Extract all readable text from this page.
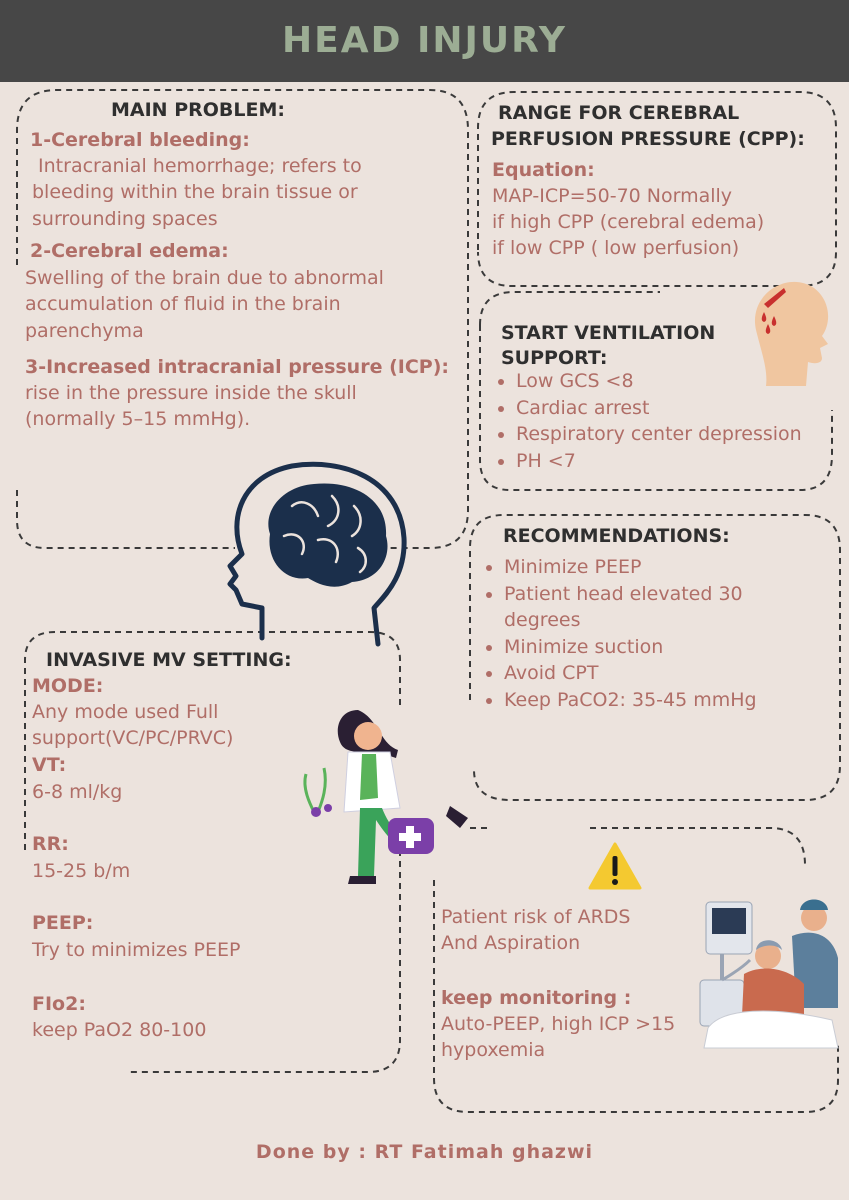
HEAD INJURY
MAIN PROBLEM:
1-Cerebral bleeding:
Intracranial hemorrhage; refers to
bleeding within the brain tissue or
surrounding spaces
2-Cerebral edema:
Swelling of the brain due to abnormal
accumulation of fluid in the brain
parenchyma
3-Increased intracranial pressure (ICP):
rise in the pressure inside the skull
(normally 5–15 mmHg).
RANGE FOR CEREBRAL
PERFUSION PRESSURE (CPP):
Equation:
MAP-ICP=50-70 Normally
if high CPP (cerebral edema)
if low CPP ( low perfusion)
START VENTILATION
SUPPORT:
Low GCS <8
Cardiac arrest
Respiratory center depression
PH <7
RECOMMENDATIONS:
Minimize PEEP
Patient head elevated 30 degrees
Minimize suction
Avoid CPT
Keep PaCO2: 35-45 mmHg
INVASIVE MV SETTING:
MODE:
Any mode used Full
support(VC/PC/PRVC)
VT:
6-8 ml/kg
RR:
15-25 b/m
PEEP:
Try to minimizes PEEP
FIo2:
keep PaO2 80-100
Patient risk of ARDS
And Aspiration
keep monitoring :
Auto-PEEP, high ICP >15
hypoxemia
Done by : RT Fatimah ghazwi
